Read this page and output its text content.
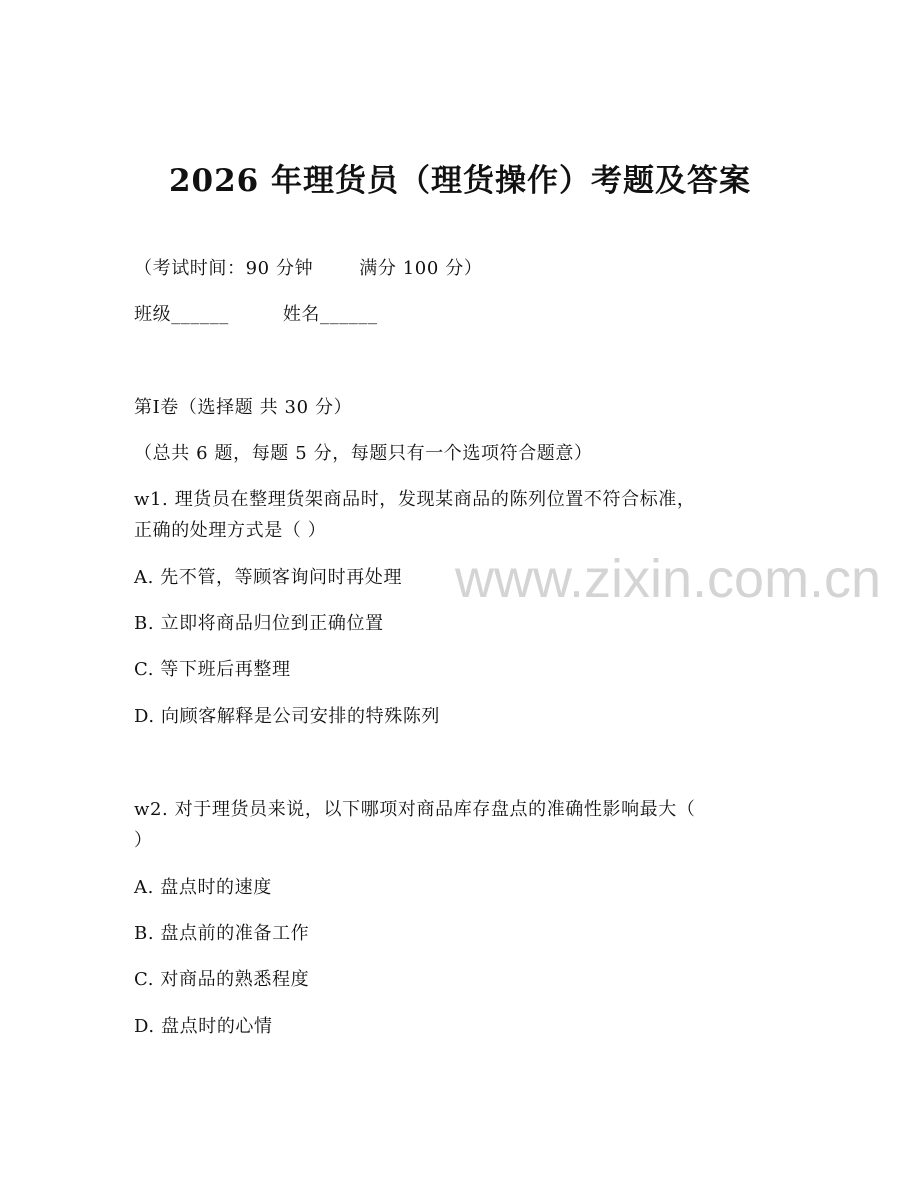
2026 年理货员（理货操作）考题及答案
（考试时间：90 分钟	满分 100 分）
班级______	姓名______
第Ⅰ卷（选择题 共 30 分）
（总共 6 题，每题 5 分，每题只有一个选项符合题意）
w1. 理货员在整理货架商品时，发现某商品的陈列位置不符合标准，
正确的处理方式是（ ）
A. 先不管，等顾客询问时再处理
B. 立即将商品归位到正确位置
C. 等下班后再整理
D. 向顾客解释是公司安排的特殊陈列
w2. 对于理货员来说，以下哪项对商品库存盘点的准确性影响最大（
）
A. 盘点时的速度
B. 盘点前的准备工作
C. 对商品的熟悉程度
D. 盘点时的心情
www.zixin.com.cn
